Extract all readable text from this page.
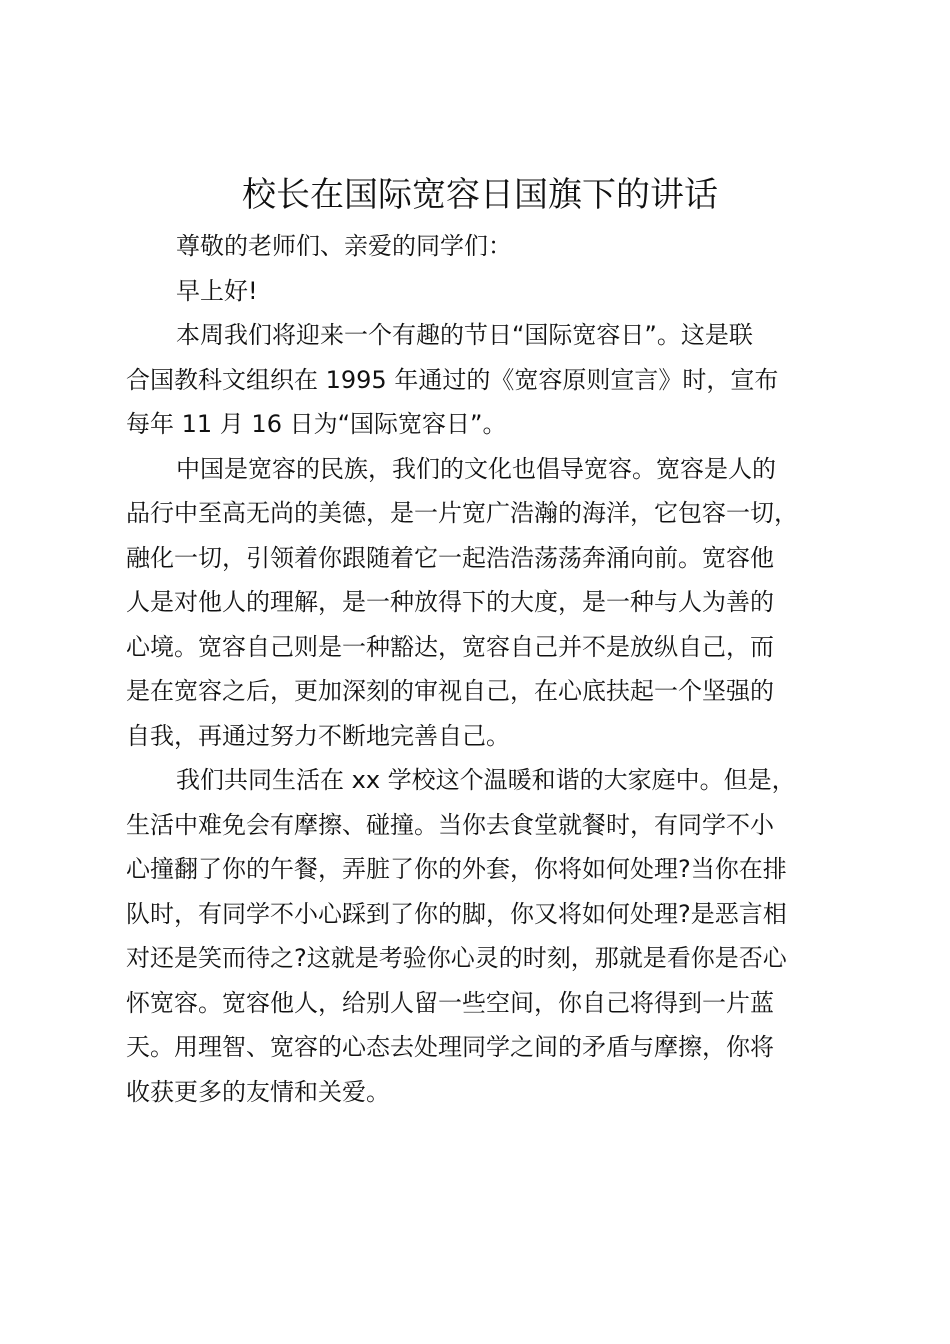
校长在国际宽容日国旗下的讲话

尊敬的老师们、亲爱的同学们：

早上好!

本周我们将迎来一个有趣的节日“国际宽容日”。这是联
合国教科文组织在 1995 年通过的《宽容原则宣言》时，宣布
每年 11 月 16 日为“国际宽容日”。

中国是宽容的民族，我们的文化也倡导宽容。宽容是人的
品行中至高无尚的美德，是一片宽广浩瀚的海洋，它包容一切，
融化一切，引领着你跟随着它一起浩浩荡荡奔涌向前。宽容他
人是对他人的理解，是一种放得下的大度，是一种与人为善的
心境。宽容自己则是一种豁达，宽容自己并不是放纵自己，而
是在宽容之后，更加深刻的审视自己，在心底扶起一个坚强的
自我，再通过努力不断地完善自己。

我们共同生活在 xx 学校这个温暖和谐的大家庭中。但是，
生活中难免会有摩擦、碰撞。当你去食堂就餐时，有同学不小
心撞翻了你的午餐，弄脏了你的外套，你将如何处理?当你在排
队时，有同学不小心踩到了你的脚，你又将如何处理?是恶言相
对还是笑而待之?这就是考验你心灵的时刻，那就是看你是否心
怀宽容。宽容他人，给别人留一些空间，你自己将得到一片蓝
天。用理智、宽容的心态去处理同学之间的矛盾与摩擦，你将
收获更多的友情和关爱。
